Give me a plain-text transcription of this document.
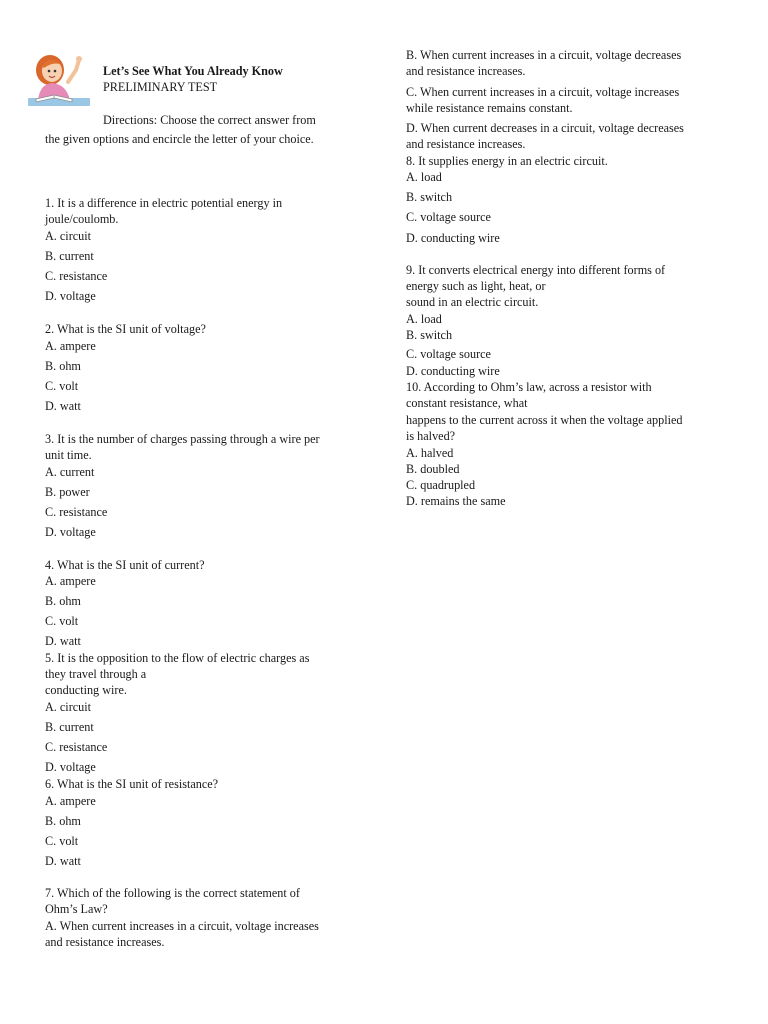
Let’s See What You Already Know
PRELIMINARY TEST
Directions: Choose the correct answer from
the given options and encircle the letter of your choice.
1. It is a difference in electric potential energy in
joule/coulomb.
A. circuit
B. current
C. resistance
D. voltage
2. What is the SI unit of voltage?
A. ampere
B. ohm
C. volt
D. watt
3. It is the number of charges passing through a wire per
unit time.
A. current
B. power
C. resistance
D. voltage
4. What is the SI unit of current?
A. ampere
B. ohm
C. volt
D. watt
5. It is the opposition to the flow of electric charges as
they travel through a
conducting wire.
A. circuit
B. current
C. resistance
D. voltage
6. What is the SI unit of resistance?
A. ampere
B. ohm
C. volt
D. watt
7. Which of the following is the correct statement of
Ohm’s Law?
A. When current increases in a circuit, voltage increases
and resistance increases.
B. When current increases in a circuit, voltage decreases
and resistance increases.
C. When current increases in a circuit, voltage increases
while resistance remains constant.
D. When current decreases in a circuit, voltage decreases
and resistance increases.
8. It supplies energy in an electric circuit.
A. load
B. switch
C. voltage source
D. conducting wire
9. It converts electrical energy into different forms of
energy such as light, heat, or
sound in an electric circuit.
A. load
B. switch
C. voltage source
D. conducting wire
10. According to Ohm’s law, across a resistor with
constant resistance, what
happens to the current across it when the voltage applied
is halved?
A. halved
B. doubled
C. quadrupled
D. remains the same
